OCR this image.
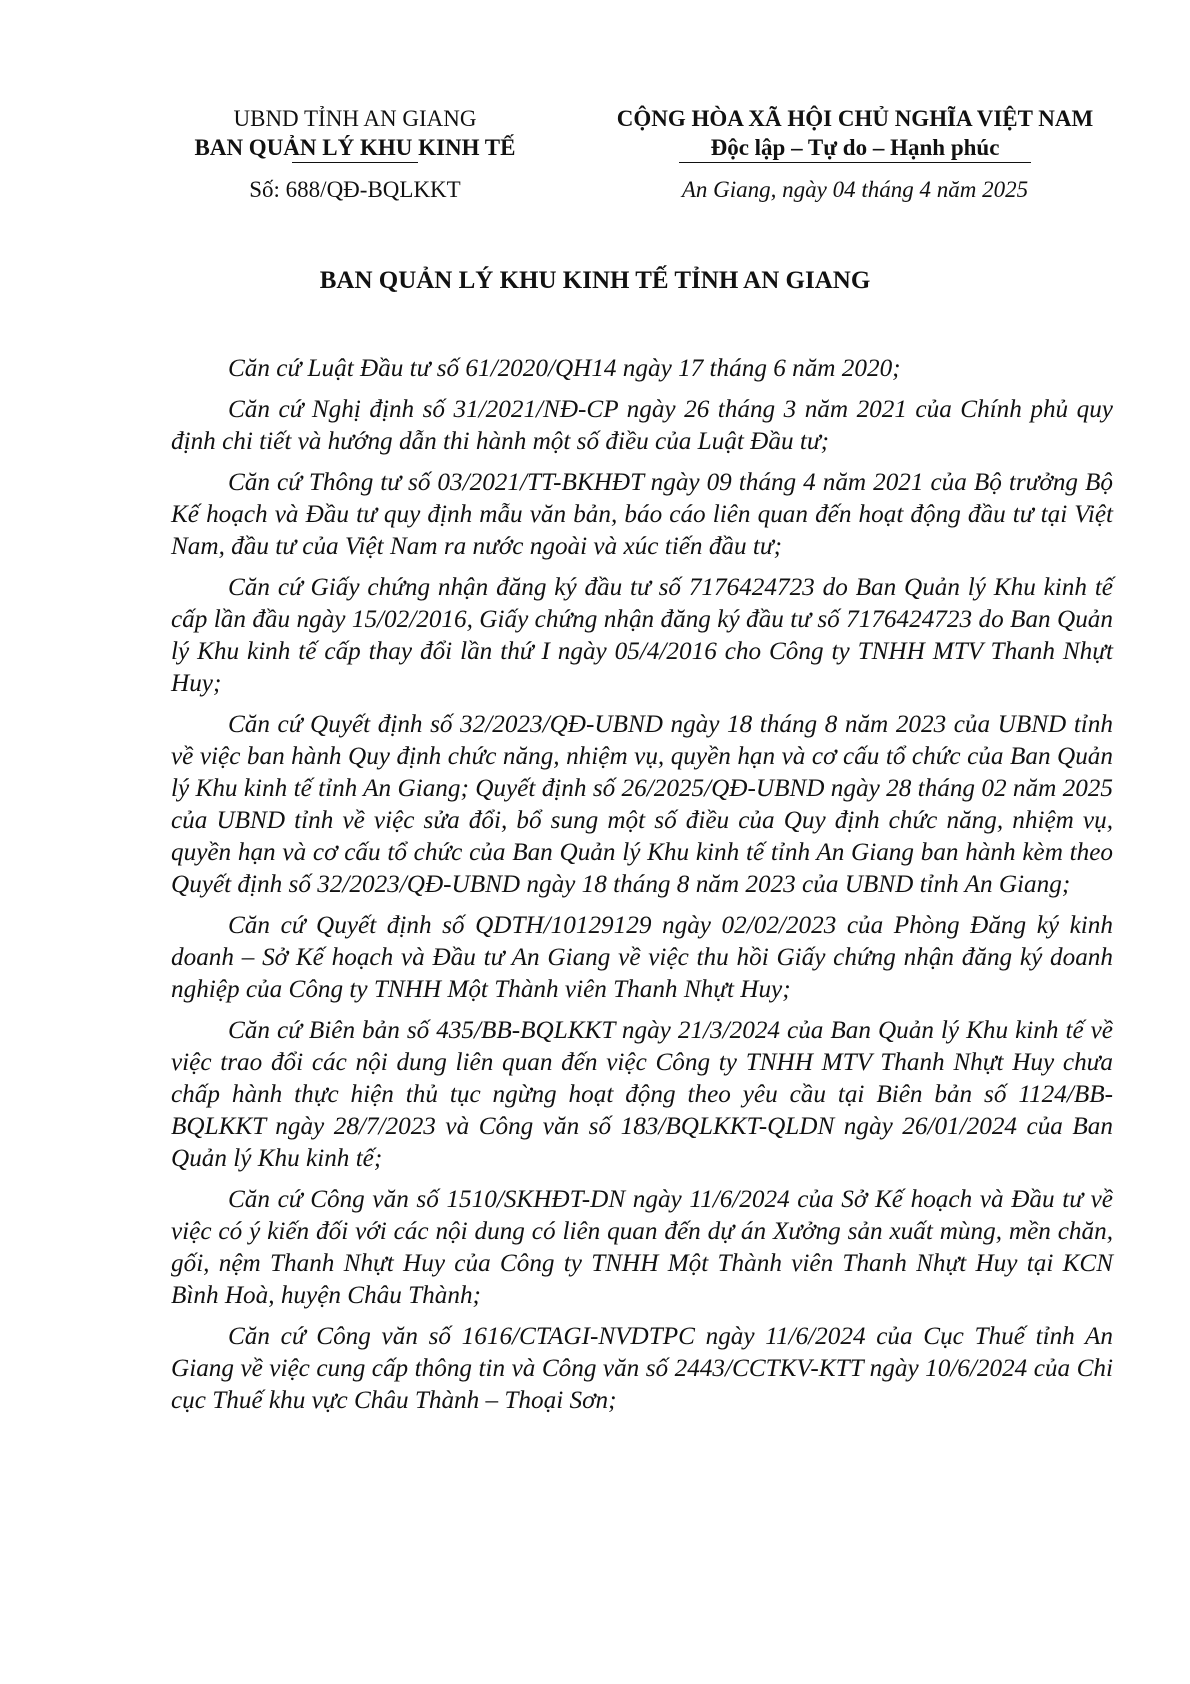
UBND TỈNH AN GIANG
BAN QUẢN LÝ KHU KINH TẾ
Số: 688/QĐ-BQLKKT
CỘNG HÒA XÃ HỘI CHỦ NGHĨA VIỆT NAM
Độc lập – Tự do – Hạnh phúc
An Giang, ngày 04 tháng 4 năm 2025
BAN QUẢN LÝ KHU KINH TẾ TỈNH AN GIANG

Căn cứ Luật Đầu tư số 61/2020/QH14 ngày 17 tháng 6 năm 2020;

Căn cứ Nghị định số 31/2021/NĐ-CP ngày 26 tháng 3 năm 2021 của Chính phủ quy định chi tiết và hướng dẫn thi hành một số điều của Luật Đầu tư;

Căn cứ Thông tư số 03/2021/TT-BKHĐT ngày 09 tháng 4 năm 2021 của Bộ trưởng Bộ Kế hoạch và Đầu tư quy định mẫu văn bản, báo cáo liên quan đến hoạt động đầu tư tại Việt Nam, đầu tư của Việt Nam ra nước ngoài và xúc tiến đầu tư;

Căn cứ Giấy chứng nhận đăng ký đầu tư số 7176424723 do Ban Quản lý Khu kinh tế cấp lần đầu ngày 15/02/2016, Giấy chứng nhận đăng ký đầu tư số 7176424723 do Ban Quản lý Khu kinh tế cấp thay đổi lần thứ I ngày 05/4/2016 cho Công ty TNHH MTV Thanh Nhựt Huy;

Căn cứ Quyết định số 32/2023/QĐ-UBND ngày 18 tháng 8 năm 2023 của UBND tỉnh về việc ban hành Quy định chức năng, nhiệm vụ, quyền hạn và cơ cấu tổ chức của Ban Quản lý Khu kinh tế tỉnh An Giang; Quyết định số 26/2025/QĐ-UBND ngày 28 tháng 02 năm 2025 của UBND tỉnh về việc sửa đổi, bổ sung một số điều của Quy định chức năng, nhiệm vụ, quyền hạn và cơ cấu tổ chức của Ban Quản lý Khu kinh tế tỉnh An Giang ban hành kèm theo Quyết định số 32/2023/QĐ-UBND ngày 18 tháng 8 năm 2023 của UBND tỉnh An Giang;

Căn cứ Quyết định số QDTH/10129129 ngày 02/02/2023 của Phòng Đăng ký kinh doanh – Sở Kế hoạch và Đầu tư An Giang về việc thu hồi Giấy chứng nhận đăng ký doanh nghiệp của Công ty TNHH Một Thành viên Thanh Nhựt Huy;

Căn cứ Biên bản số 435/BB-BQLKKT ngày 21/3/2024 của Ban Quản lý Khu kinh tế về việc trao đổi các nội dung liên quan đến việc Công ty TNHH MTV Thanh Nhựt Huy chưa chấp hành thực hiện thủ tục ngừng hoạt động theo yêu cầu tại Biên bản số 1124/BB-BQLKKT ngày 28/7/2023 và Công văn số 183/BQLKKT-QLDN ngày 26/01/2024 của Ban Quản lý Khu kinh tế;

Căn cứ Công văn số 1510/SKHĐT-DN ngày 11/6/2024 của Sở Kế hoạch và Đầu tư về việc có ý kiến đối với các nội dung có liên quan đến dự án Xưởng sản xuất mùng, mền chăn, gối, nệm Thanh Nhựt Huy của Công ty TNHH Một Thành viên Thanh Nhựt Huy tại KCN Bình Hoà, huyện Châu Thành;

Căn cứ Công văn số 1616/CTAGI-NVDTPC ngày 11/6/2024 của Cục Thuế tỉnh An Giang về việc cung cấp thông tin và Công văn số 2443/CCTKV-KTT ngày 10/6/2024 của Chi cục Thuế khu vực Châu Thành – Thoại Sơn;
